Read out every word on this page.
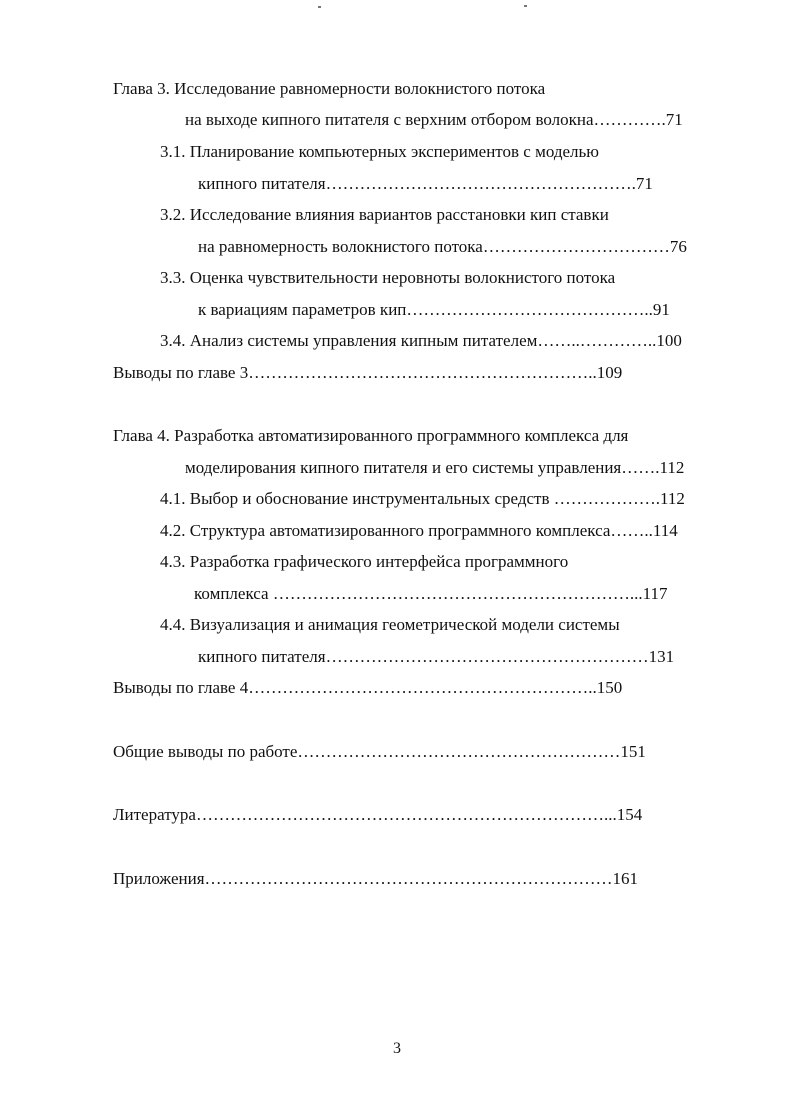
Глава 3. Исследование равномерности волокнистого потока
на выходе кипного питателя с верхним отбором волокна………….71
3.1. Планирование компьютерных экспериментов с моделью
кипного питателя……………………………………………….71
3.2. Исследование влияния вариантов расстановки кип ставки
на равномерность волокнистого потока……………………………76
3.3. Оценка чувствительности неровноты волокнистого потока
к вариациям параметров кип……………………………………..91
3.4. Анализ системы управления кипным питателем……..…………..100
Выводы по главе 3……………………………………………………..109
Глава 4. Разработка автоматизированного программного комплекса для
моделирования кипного питателя и его системы управления…….112
4.1. Выбор и обоснование инструментальных средств ……………….112
4.2. Структура автоматизированного программного комплекса……..114
4.3. Разработка графического интерфейса программного
комплекса ………………………………………………………...117
4.4. Визуализация и анимация геометрической модели системы
кипного питателя…………………………………………………131
Выводы по главе 4……………………………………………………..150
Общие выводы по работе…………………………………………………151
Литература………………………………………………………………...154
Приложения………………………………………………………………161
3
